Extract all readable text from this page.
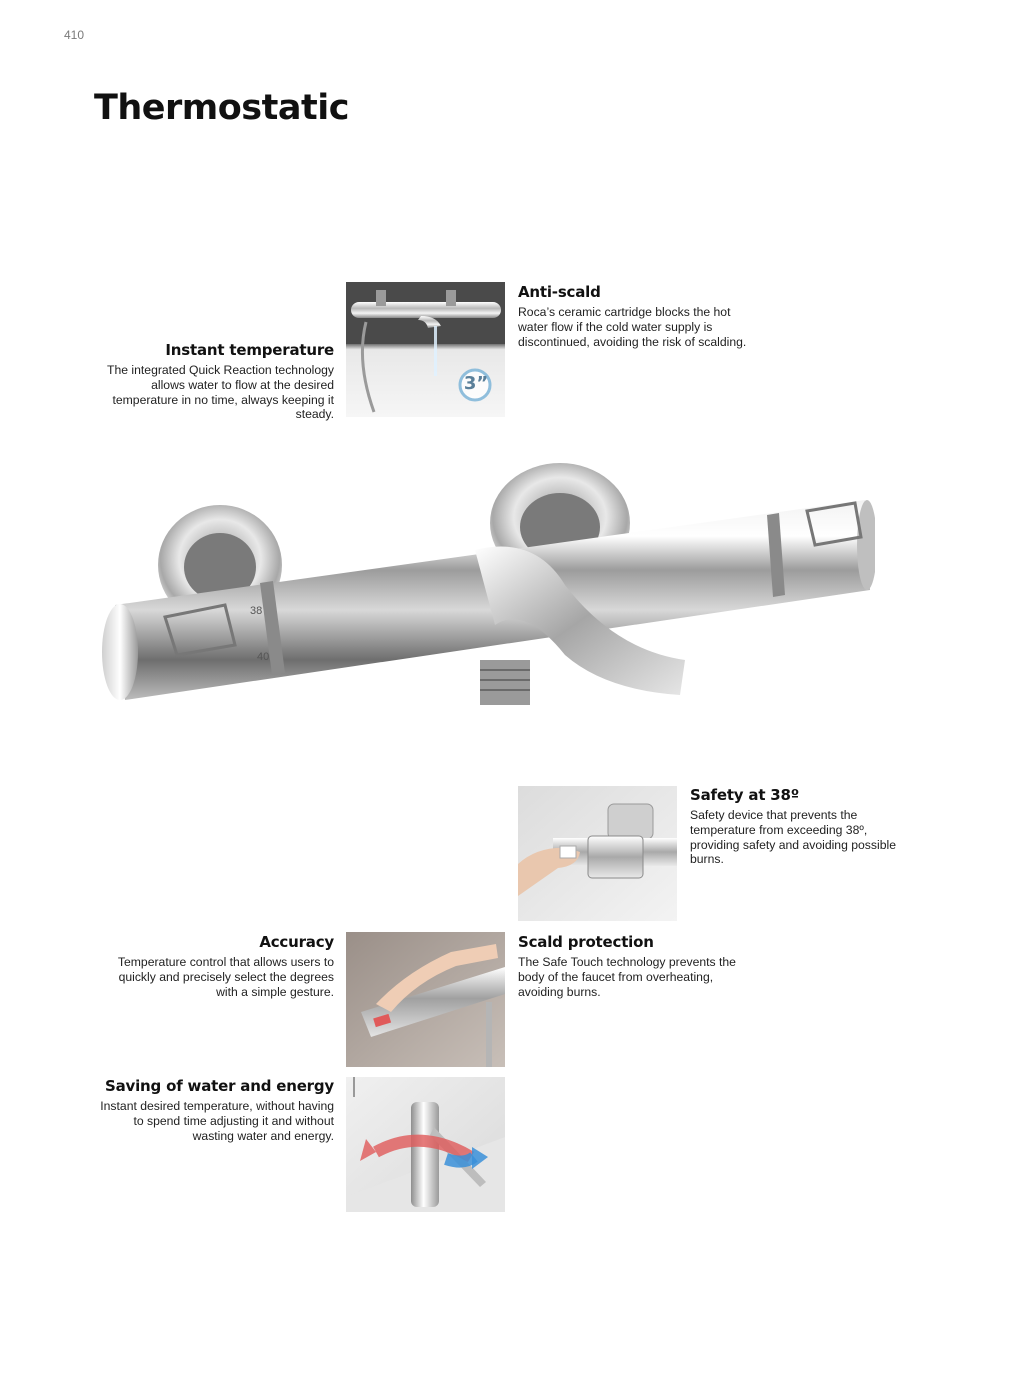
410
Thermostatic
3”
Instant temperature

The integrated Quick Reaction technology allows water to flow at the desired temperature in no time, always keeping it steady.

Anti-scald

Roca’s ceramic cartridge blocks the hot water flow if the cold water supply is discontinued, avoiding the risk of scalding.

38
40
Safety at 38º

Safety device that prevents the temperature from exceeding 38º, providing safety and avoiding possible burns.

Accuracy

Temperature control that allows users to quickly and precisely select the degrees with a simple gesture.

Scald protection

The Safe Touch technology prevents the body of the faucet from overheating, avoiding burns.

Saving of water and energy

Instant desired temperature, without having to spend time adjusting it and without wasting water and energy.
